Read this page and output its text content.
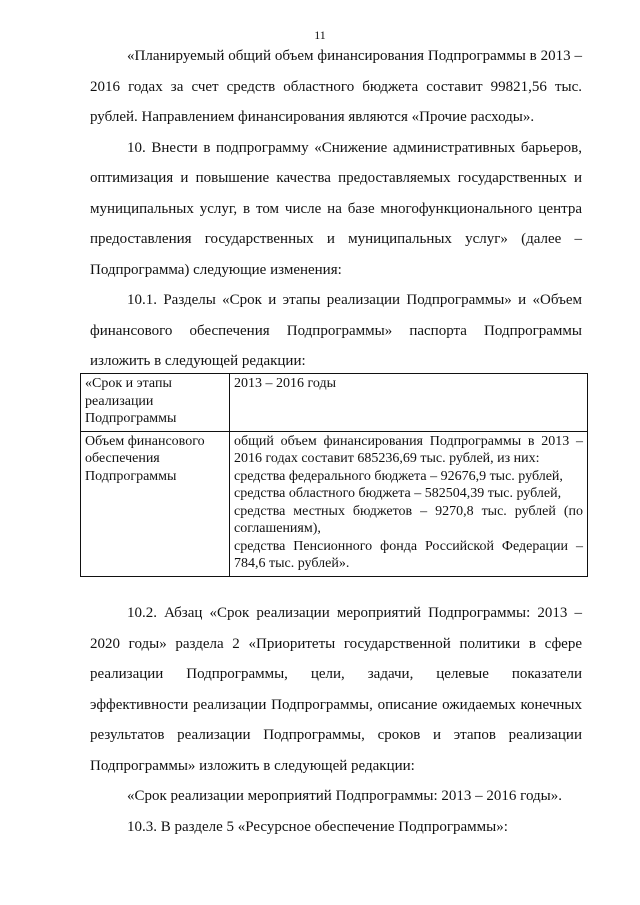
11

«Планируемый общий объем финансирования Подпрограммы в 2013 – 2016 годах за счет средств областного бюджета составит 99821,56 тыс. рублей. Направлением финансирования являются «Прочие расходы».

10. Внести в подпрограмму «Снижение административных барьеров, оптимизация и повышение качества предоставляемых государственных и муниципальных услуг, в том числе на базе многофункционального центра предоставления государственных и муниципальных услуг» (далее – Подпрограмма) следующие изменения:

10.1. Разделы «Срок и этапы реализации Подпрограммы» и «Объем финансового обеспечения Подпрограммы» паспорта Подпрограммы изложить в следующей редакции:

«Срок и этапы реализации Подпрограммы	2013 – 2016 годы

Объем финансового обеспечения Подпрограммы	общий объем финансирования Подпрограммы в 2013 – 2016 годах составит 685236,69 тыс. рублей, из них:
средства федерального бюджета – 92676,9 тыс. рублей,
средства областного бюджета – 582504,39 тыс. рублей,
средства местных бюджетов – 9270,8 тыс. рублей (по соглашениям),
средства Пенсионного фонда Российской Федерации – 784,6 тыс. рублей».

10.2. Абзац «Срок реализации мероприятий Подпрограммы: 2013 – 2020 годы» раздела 2 «Приоритеты государственной политики в сфере реализации Подпрограммы, цели, задачи, целевые показатели эффективности реализации Подпрограммы, описание ожидаемых конечных результатов реализации Подпрограммы, сроков и этапов реализации Подпрограммы» изложить в следующей редакции:

«Срок реализации мероприятий Подпрограммы: 2013 – 2016 годы».

10.3. В разделе 5 «Ресурсное обеспечение Подпрограммы»:
